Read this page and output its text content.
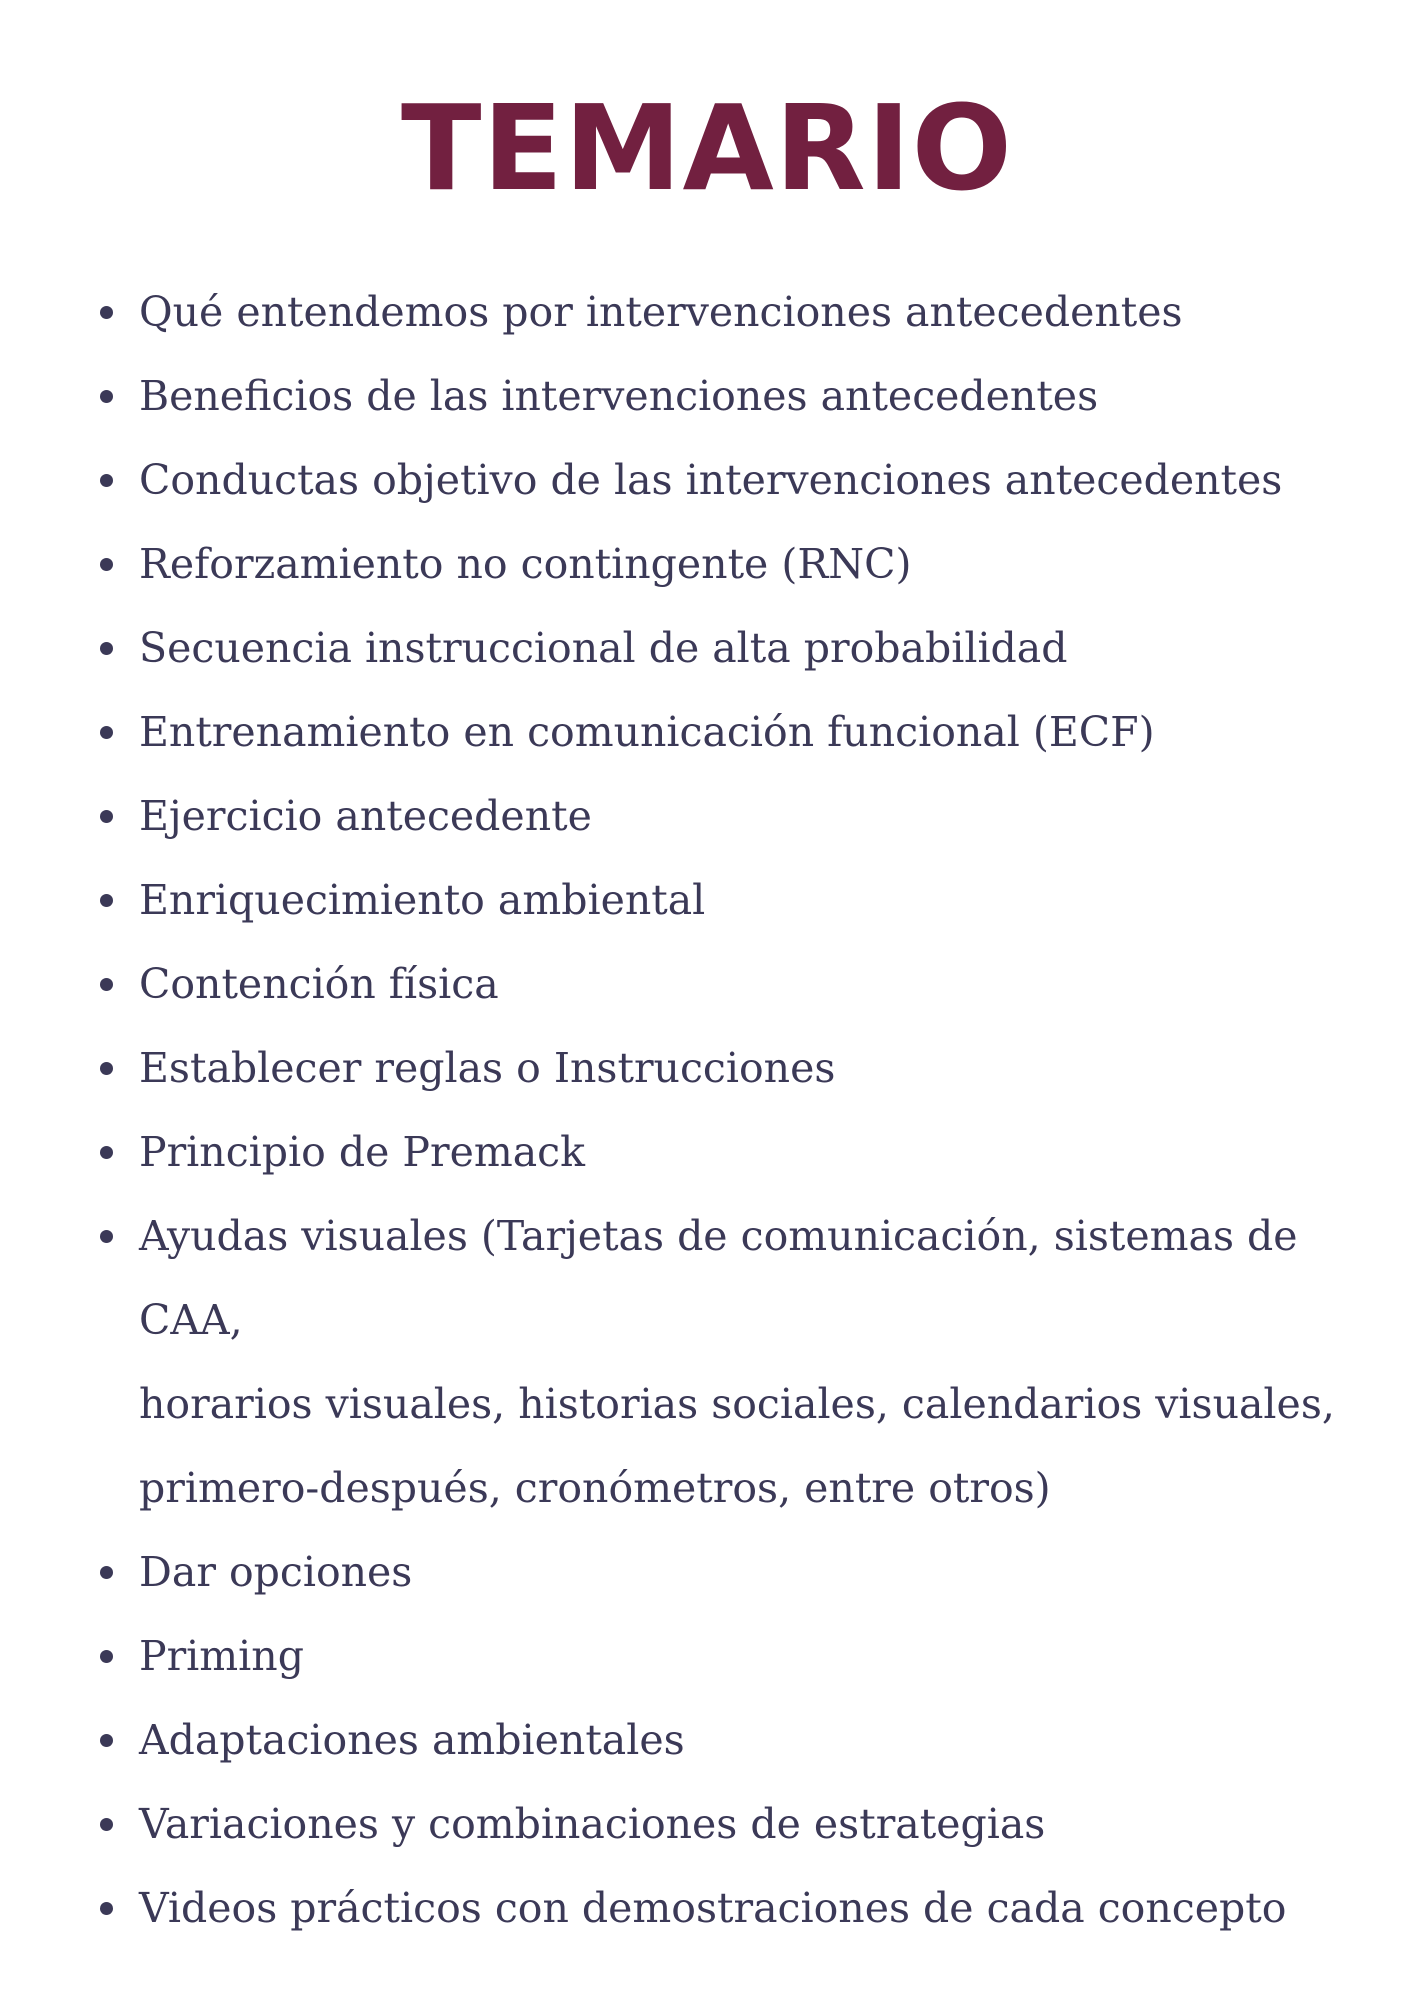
TEMARIO
Qué entendemos por intervenciones antecedentes
Beneficios de las intervenciones antecedentes
Conductas objetivo de las intervenciones antecedentes
Reforzamiento no contingente (RNC)
Secuencia instruccional de alta probabilidad
Entrenamiento en comunicación funcional (ECF)
Ejercicio antecedente
Enriquecimiento ambiental
Contención física
Establecer reglas o Instrucciones
Principio de Premack
Ayudas visuales (Tarjetas de comunicación, sistemas de CAA,
horarios visuales, historias sociales, calendarios visuales,
primero-después, cronómetros, entre otros)
Dar opciones
Priming
Adaptaciones ambientales
Variaciones y combinaciones de estrategias
Videos prácticos con demostraciones de cada concepto
